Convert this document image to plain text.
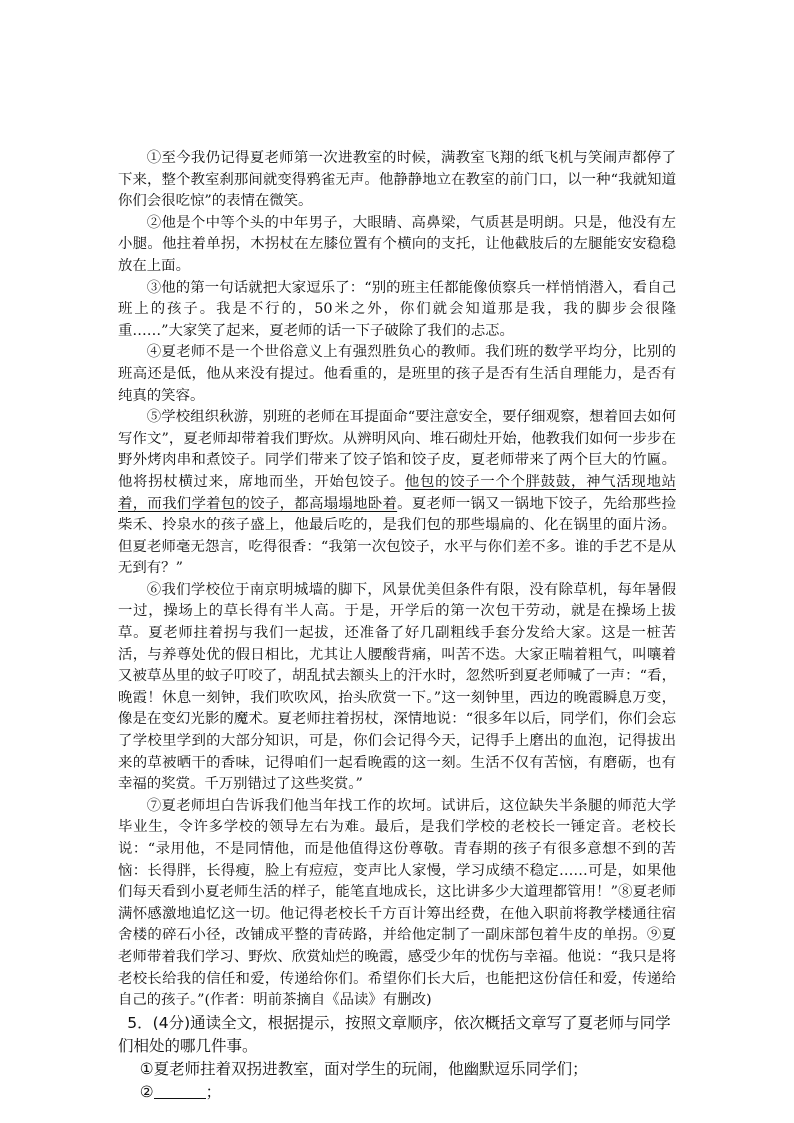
①至今我仍记得夏老师第一次进教室的时候，满教室飞翔的纸飞机与笑闹声都停了下来，整个教室刹那间就变得鸦雀无声。他静静地立在教室的前门口，以一种“我就知道你们会很吃惊”的表情在微笑。

②他是个中等个头的中年男子，大眼睛、高鼻梁，气质甚是明朗。只是，他没有左小腿。他拄着单拐，木拐杖在左膝位置有个横向的支托，让他截肢后的左腿能安安稳稳放在上面。

③他的第一句话就把大家逗乐了：“别的班主任都能像侦察兵一样悄悄潜入，看自己班上的孩子。我是不行的，50米之外，你们就会知道那是我，我的脚步会很隆重……”大家笑了起来，夏老师的话一下子破除了我们的忐忑。

④夏老师不是一个世俗意义上有强烈胜负心的教师。我们班的数学平均分，比别的班高还是低，他从来没有提过。他看重的，是班里的孩子是否有生活自理能力，是否有纯真的笑容。

⑤学校组织秋游，别班的老师在耳提面命“要注意安全，要仔细观察，想着回去如何写作文”，夏老师却带着我们野炊。从辨明风向、堆石砌灶开始，他教我们如何一步步在野外烤肉串和煮饺子。同学们带来了饺子馅和饺子皮，夏老师带来了两个巨大的竹匾。他将拐杖横过来，席地而坐，开始包饺子。他包的饺子一个个胖鼓鼓，神气活现地站着，而我们学着包的饺子，都高塌塌地卧着。夏老师一锅又一锅地下饺子，先给那些捡柴禾、拎泉水的孩子盛上，他最后吃的，是我们包的那些塌扁的、化在锅里的面片汤。但夏老师毫无怨言，吃得很香：“我第一次包饺子，水平与你们差不多。谁的手艺不是从无到有？”

⑥我们学校位于南京明城墙的脚下，风景优美但条件有限，没有除草机，每年暑假一过，操场上的草长得有半人高。于是，开学后的第一次包干劳动，就是在操场上拔草。夏老师拄着拐与我们一起拔，还准备了好几副粗线手套分发给大家。这是一桩苦活，与养尊处优的假日相比，尤其让人腰酸背痛，叫苦不迭。大家正喘着粗气，叫嚷着又被草丛里的蚊子叮咬了，胡乱拭去额头上的汗水时，忽然听到夏老师喊了一声：“看，晚霞！休息一刻钟，我们吹吹风，抬头欣赏一下。”这一刻钟里，西边的晚霞瞬息万变，像是在变幻光影的魔术。夏老师拄着拐杖，深情地说：“很多年以后，同学们，你们会忘了学校里学到的大部分知识，可是，你们会记得今天，记得手上磨出的血泡，记得拔出来的草被晒干的香味，记得咱们一起看晚霞的这一刻。生活不仅有苦恼，有磨砺，也有幸福的奖赏。千万别错过了这些奖赏。”

⑦夏老师坦白告诉我们他当年找工作的坎坷。试讲后，这位缺失半条腿的师范大学毕业生，令许多学校的领导左右为难。最后，是我们学校的老校长一锤定音。老校长说：“录用他，不是同情他，而是他值得这份尊敬。青春期的孩子有很多意想不到的苦恼：长得胖，长得瘦，脸上有痘痘，变声比人家慢，学习成绩不稳定……可是，如果他们每天看到小夏老师生活的样子，能笔直地成长，这比讲多少大道理都管用！”⑧夏老师满怀感激地追忆这一切。他记得老校长千方百计筹出经费，在他入职前将教学楼通往宿舍楼的碎石小径，改铺成平整的青砖路，并给他定制了一副床部包着牛皮的单拐。⑨夏老师带着我们学习、野炊、欣赏灿烂的晚霞，感受少年的忧伤与幸福。他说：“我只是将老校长给我的信任和爱，传递给你们。希望你们长大后，也能把这份信任和爱，传递给自己的孩子。”(作者：明前茶摘自《品读》有删改)

5．(4分)通读全文，根据提示，按照文章顺序，依次概括文章写了夏老师与同学们相处的哪几件事。

①夏老师拄着双拐进教室，面对学生的玩闹，他幽默逗乐同学们；

②	；
